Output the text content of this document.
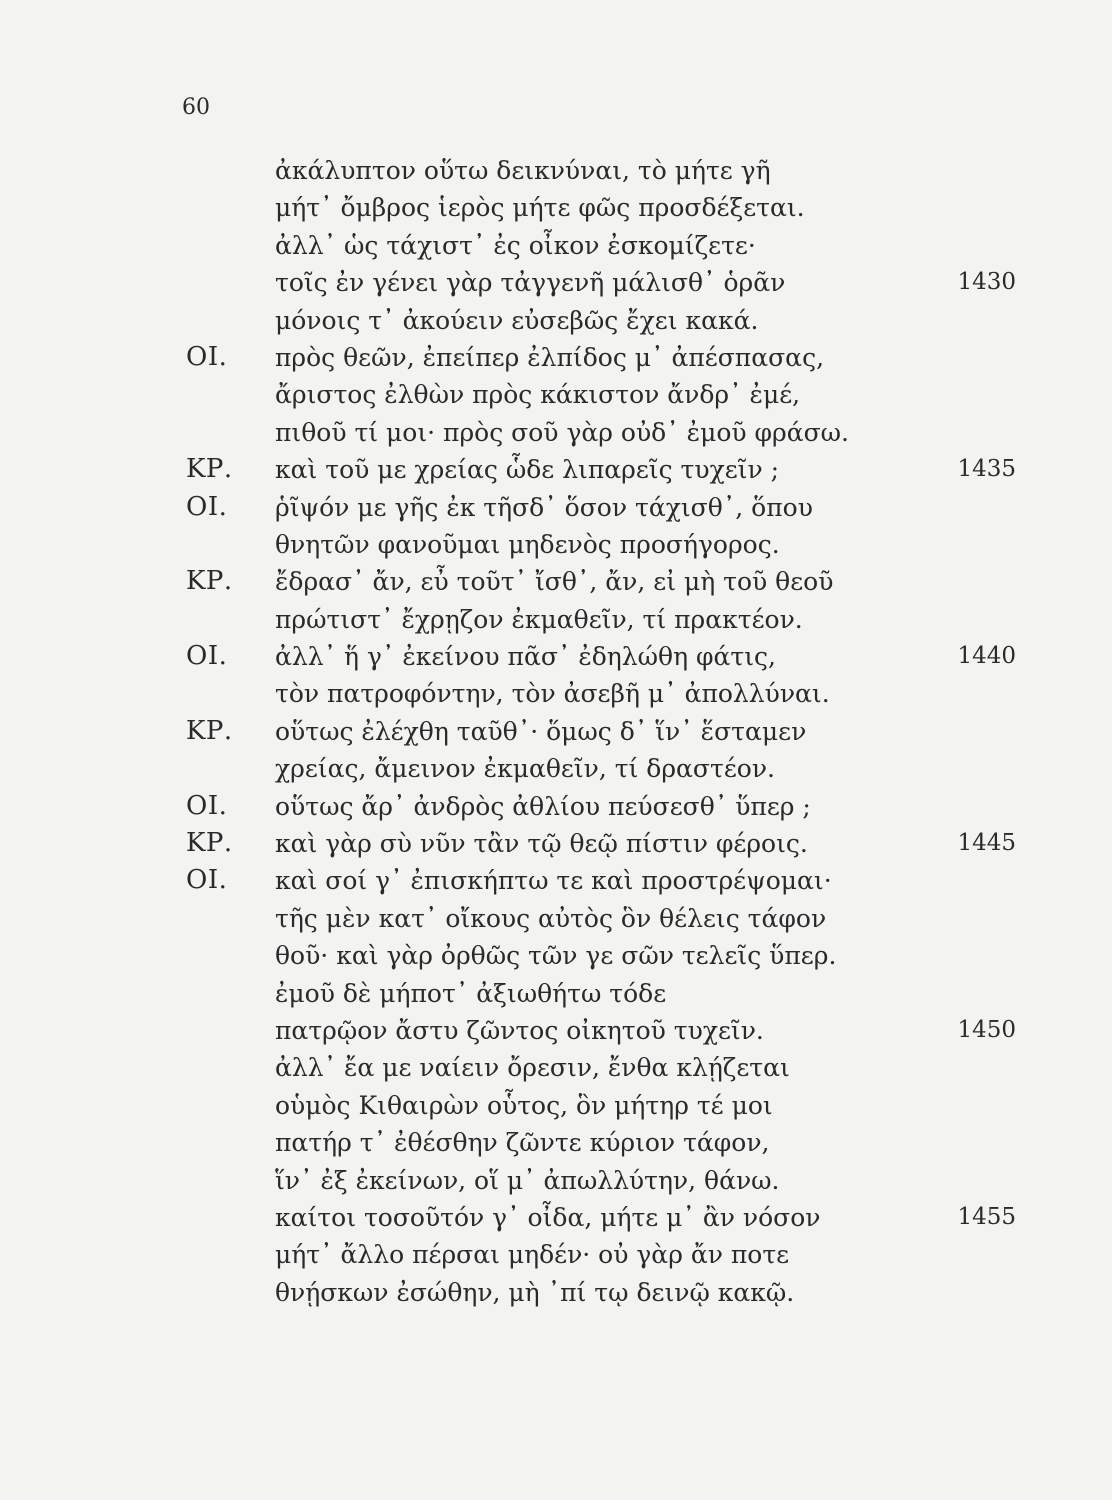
60
ἀκάλυπτον οὕτω δεικνύναι, τὸ μήτε γῆ
μήτ᾽ ὄμβρος ἱερὸς μήτε φῶς προσδέξεται.
ἀλλ᾽ ὡς τάχιστ᾽ ἐς οἶκον ἐσκομίζετε·
τοῖς ἐν γένει γὰρ τἀγγενῆ μάλισθ᾽ ὁρᾶν	1430
μόνοις τ᾽ ἀκούειν εὐσεβῶς ἔχει κακά.
ΟΙ. πρὸς θεῶν, ἐπείπερ ἐλπίδος μ᾽ ἀπέσπασας,
ἄριστος ἐλθὼν πρὸς κάκιστον ἄνδρ᾽ ἐμέ,
πιθοῦ τί μοι· πρὸς σοῦ γὰρ οὐδ᾽ ἐμοῦ φράσω.
ΚΡ. καὶ τοῦ με χρείας ὧδε λιπαρεῖς τυχεῖν ;	1435
ΟΙ. ῥῖψόν με γῆς ἐκ τῆσδ᾽ ὅσον τάχισθ᾽, ὅπου
θνητῶν φανοῦμαι μηδενὸς προσήγορος.
ΚΡ. ἔδρασ᾽ ἄν, εὖ τοῦτ᾽ ἴσθ᾽, ἄν, εἰ μὴ τοῦ θεοῦ
πρώτιστ᾽ ἔχρῃζον ἐκμαθεῖν, τί πρακτέον.
ΟΙ. ἀλλ᾽ ἥ γ᾽ ἐκείνου πᾶσ᾽ ἐδηλώθη φάτις,	1440
τὸν πατροφόντην, τὸν ἀσεβῆ μ᾽ ἀπολλύναι.
ΚΡ. οὕτως ἐλέχθη ταῦθ᾽· ὅμως δ᾽ ἵν᾽ ἕσταμεν
χρείας, ἄμεινον ἐκμαθεῖν, τί δραστέον.
ΟΙ. οὕτως ἄρ᾽ ἀνδρὸς ἀθλίου πεύσεσθ᾽ ὕπερ ;
ΚΡ. καὶ γὰρ σὺ νῦν τἂν τῷ θεῷ πίστιν φέροις.	1445
ΟΙ. καὶ σοί γ᾽ ἐπισκήπτω τε καὶ προστρέψομαι·
τῆς μὲν κατ᾽ οἴκους αὐτὸς ὃν θέλεις τάφον
θοῦ· καὶ γὰρ ὀρθῶς τῶν γε σῶν τελεῖς ὕπερ.
ἐμοῦ δὲ μήποτ᾽ ἀξιωθήτω τόδε
πατρῷον ἄστυ ζῶντος οἰκητοῦ τυχεῖν.	1450
ἀλλ᾽ ἔα με ναίειν ὄρεσιν, ἔνθα κλῄζεται
οὑμὸς Κιθαιρὼν οὗτος, ὃν μήτηρ τέ μοι
πατήρ τ᾽ ἐθέσθην ζῶντε κύριον τάφον,
ἵν᾽ ἐξ ἐκείνων, οἵ μ᾽ ἀπωλλύτην, θάνω.
καίτοι τοσοῦτόν γ᾽ οἶδα, μήτε μ᾽ ἂν νόσον	1455
μήτ᾽ ἄλλο πέρσαι μηδέν· οὐ γὰρ ἄν ποτε
θνῄσκων ἐσώθην, μὴ ᾽πί τῳ δεινῷ κακῷ.
